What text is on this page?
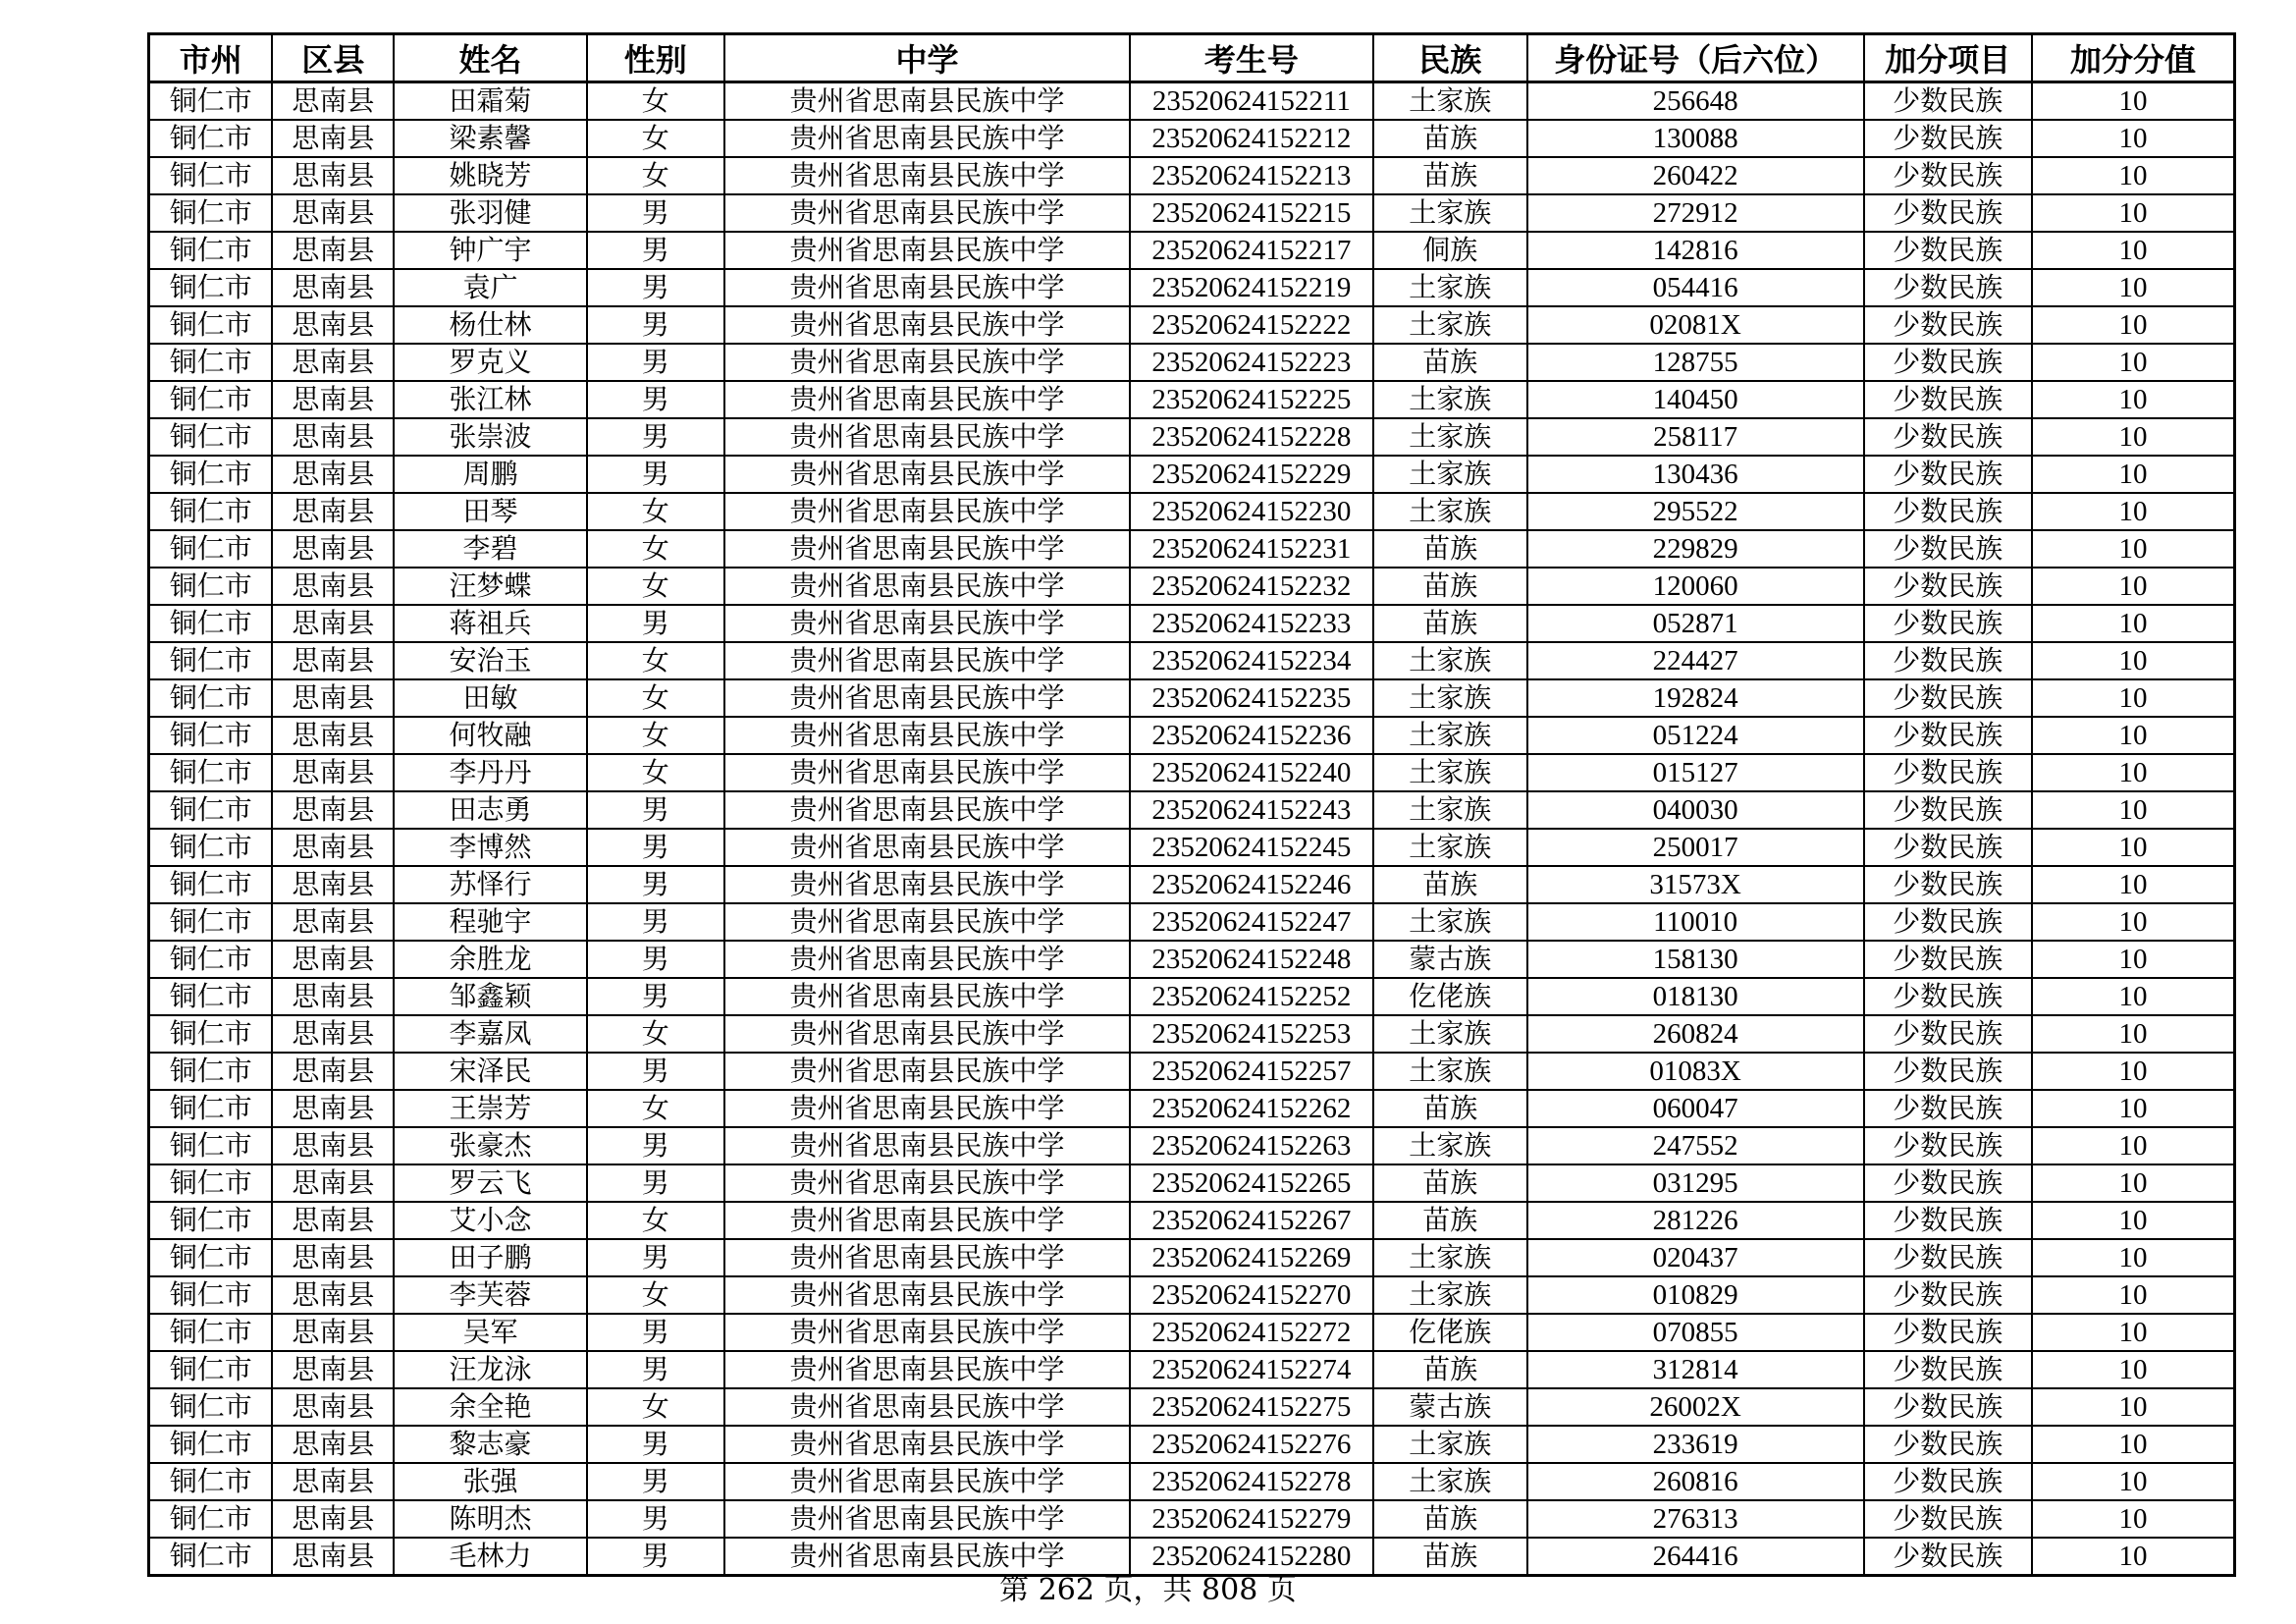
市州	区县	姓名	性别	中学	考生号	民族	身份证号（后六位）	加分项目	加分分值
铜仁市	思南县	田霜菊	女	贵州省思南县民族中学	23520624152211	土家族	256648	少数民族	10
铜仁市	思南县	梁素馨	女	贵州省思南县民族中学	23520624152212	苗族	130088	少数民族	10
铜仁市	思南县	姚晓芳	女	贵州省思南县民族中学	23520624152213	苗族	260422	少数民族	10
铜仁市	思南县	张羽健	男	贵州省思南县民族中学	23520624152215	土家族	272912	少数民族	10
铜仁市	思南县	钟广宇	男	贵州省思南县民族中学	23520624152217	侗族	142816	少数民族	10
铜仁市	思南县	袁广	男	贵州省思南县民族中学	23520624152219	土家族	054416	少数民族	10
铜仁市	思南县	杨仕林	男	贵州省思南县民族中学	23520624152222	土家族	02081X	少数民族	10
铜仁市	思南县	罗克义	男	贵州省思南县民族中学	23520624152223	苗族	128755	少数民族	10
铜仁市	思南县	张江林	男	贵州省思南县民族中学	23520624152225	土家族	140450	少数民族	10
铜仁市	思南县	张崇波	男	贵州省思南县民族中学	23520624152228	土家族	258117	少数民族	10
铜仁市	思南县	周鹏	男	贵州省思南县民族中学	23520624152229	土家族	130436	少数民族	10
铜仁市	思南县	田琴	女	贵州省思南县民族中学	23520624152230	土家族	295522	少数民族	10
铜仁市	思南县	李碧	女	贵州省思南县民族中学	23520624152231	苗族	229829	少数民族	10
铜仁市	思南县	汪梦蝶	女	贵州省思南县民族中学	23520624152232	苗族	120060	少数民族	10
铜仁市	思南县	蒋祖兵	男	贵州省思南县民族中学	23520624152233	苗族	052871	少数民族	10
铜仁市	思南县	安治玉	女	贵州省思南县民族中学	23520624152234	土家族	224427	少数民族	10
铜仁市	思南县	田敏	女	贵州省思南县民族中学	23520624152235	土家族	192824	少数民族	10
铜仁市	思南县	何牧融	女	贵州省思南县民族中学	23520624152236	土家族	051224	少数民族	10
铜仁市	思南县	李丹丹	女	贵州省思南县民族中学	23520624152240	土家族	015127	少数民族	10
铜仁市	思南县	田志勇	男	贵州省思南县民族中学	23520624152243	土家族	040030	少数民族	10
铜仁市	思南县	李博然	男	贵州省思南县民族中学	23520624152245	土家族	250017	少数民族	10
铜仁市	思南县	苏怿行	男	贵州省思南县民族中学	23520624152246	苗族	31573X	少数民族	10
铜仁市	思南县	程驰宇	男	贵州省思南县民族中学	23520624152247	土家族	110010	少数民族	10
铜仁市	思南县	余胜龙	男	贵州省思南县民族中学	23520624152248	蒙古族	158130	少数民族	10
铜仁市	思南县	邹鑫颖	男	贵州省思南县民族中学	23520624152252	仡佬族	018130	少数民族	10
铜仁市	思南县	李嘉凤	女	贵州省思南县民族中学	23520624152253	土家族	260824	少数民族	10
铜仁市	思南县	宋泽民	男	贵州省思南县民族中学	23520624152257	土家族	01083X	少数民族	10
铜仁市	思南县	王崇芳	女	贵州省思南县民族中学	23520624152262	苗族	060047	少数民族	10
铜仁市	思南县	张豪杰	男	贵州省思南县民族中学	23520624152263	土家族	247552	少数民族	10
铜仁市	思南县	罗云飞	男	贵州省思南县民族中学	23520624152265	苗族	031295	少数民族	10
铜仁市	思南县	艾小念	女	贵州省思南县民族中学	23520624152267	苗族	281226	少数民族	10
铜仁市	思南县	田子鹏	男	贵州省思南县民族中学	23520624152269	土家族	020437	少数民族	10
铜仁市	思南县	李芙蓉	女	贵州省思南县民族中学	23520624152270	土家族	010829	少数民族	10
铜仁市	思南县	吴军	男	贵州省思南县民族中学	23520624152272	仡佬族	070855	少数民族	10
铜仁市	思南县	汪龙泳	男	贵州省思南县民族中学	23520624152274	苗族	312814	少数民族	10
铜仁市	思南县	余全艳	女	贵州省思南县民族中学	23520624152275	蒙古族	26002X	少数民族	10
铜仁市	思南县	黎志豪	男	贵州省思南县民族中学	23520624152276	土家族	233619	少数民族	10
铜仁市	思南县	张强	男	贵州省思南县民族中学	23520624152278	土家族	260816	少数民族	10
铜仁市	思南县	陈明杰	男	贵州省思南县民族中学	23520624152279	苗族	276313	少数民族	10
铜仁市	思南县	毛林力	男	贵州省思南县民族中学	23520624152280	苗族	264416	少数民族	10
第 262 页，共 808 页
